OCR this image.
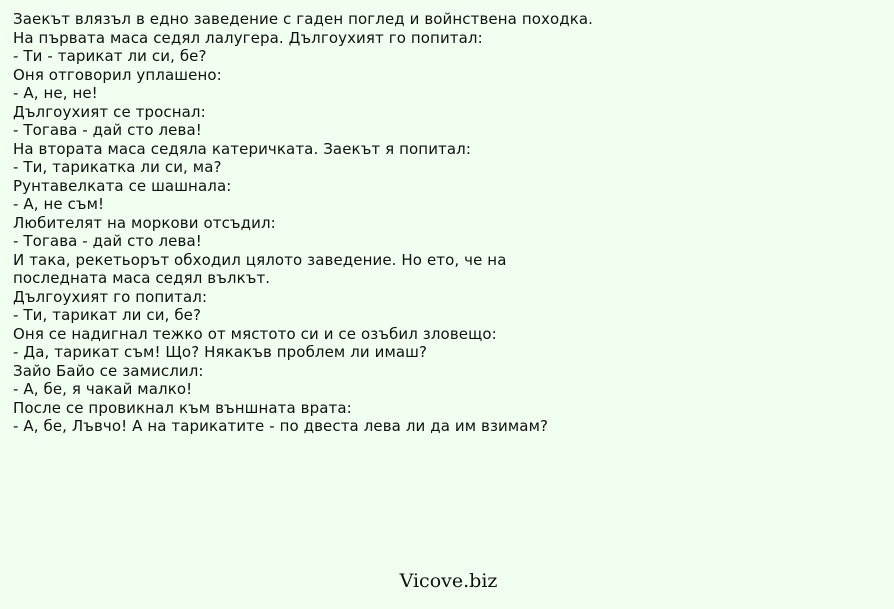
Заекът влязъл в едно заведение с гаден поглед и войнствена походка.
На първата маса седял лалугера. Дългоухият го попитал:
- Ти - тарикат ли си, бе?
Оня отговорил уплашено:
- А, не, не!
Дългоухият се троснал:
- Тогава - дай сто лева!
На втората маса седяла катеричката. Заекът я попитал:
- Ти, тарикатка ли си, ма?
Рунтавелката се шашнала:
- А, не съм!
Любителят на моркови отсъдил:
- Тогава - дай сто лева!
И така, рекетьорът обходил цялото заведение. Но ето, че на последната маса седял вълкът.
Дългоухият го попитал:
- Ти, тарикат ли си, бе?
Оня се надигнал тежко от мястото си и се озъбил зловещо:
- Да, тарикат съм! Що? Някакъв проблем ли имаш?
Зайо Байо се замислил:
- А, бе, я чакай малко!
После се провикнал към външната врата:
- А, бе, Лъвчо! А на тарикатите - по двеста лева ли да им взимам?
Vicove.biz
